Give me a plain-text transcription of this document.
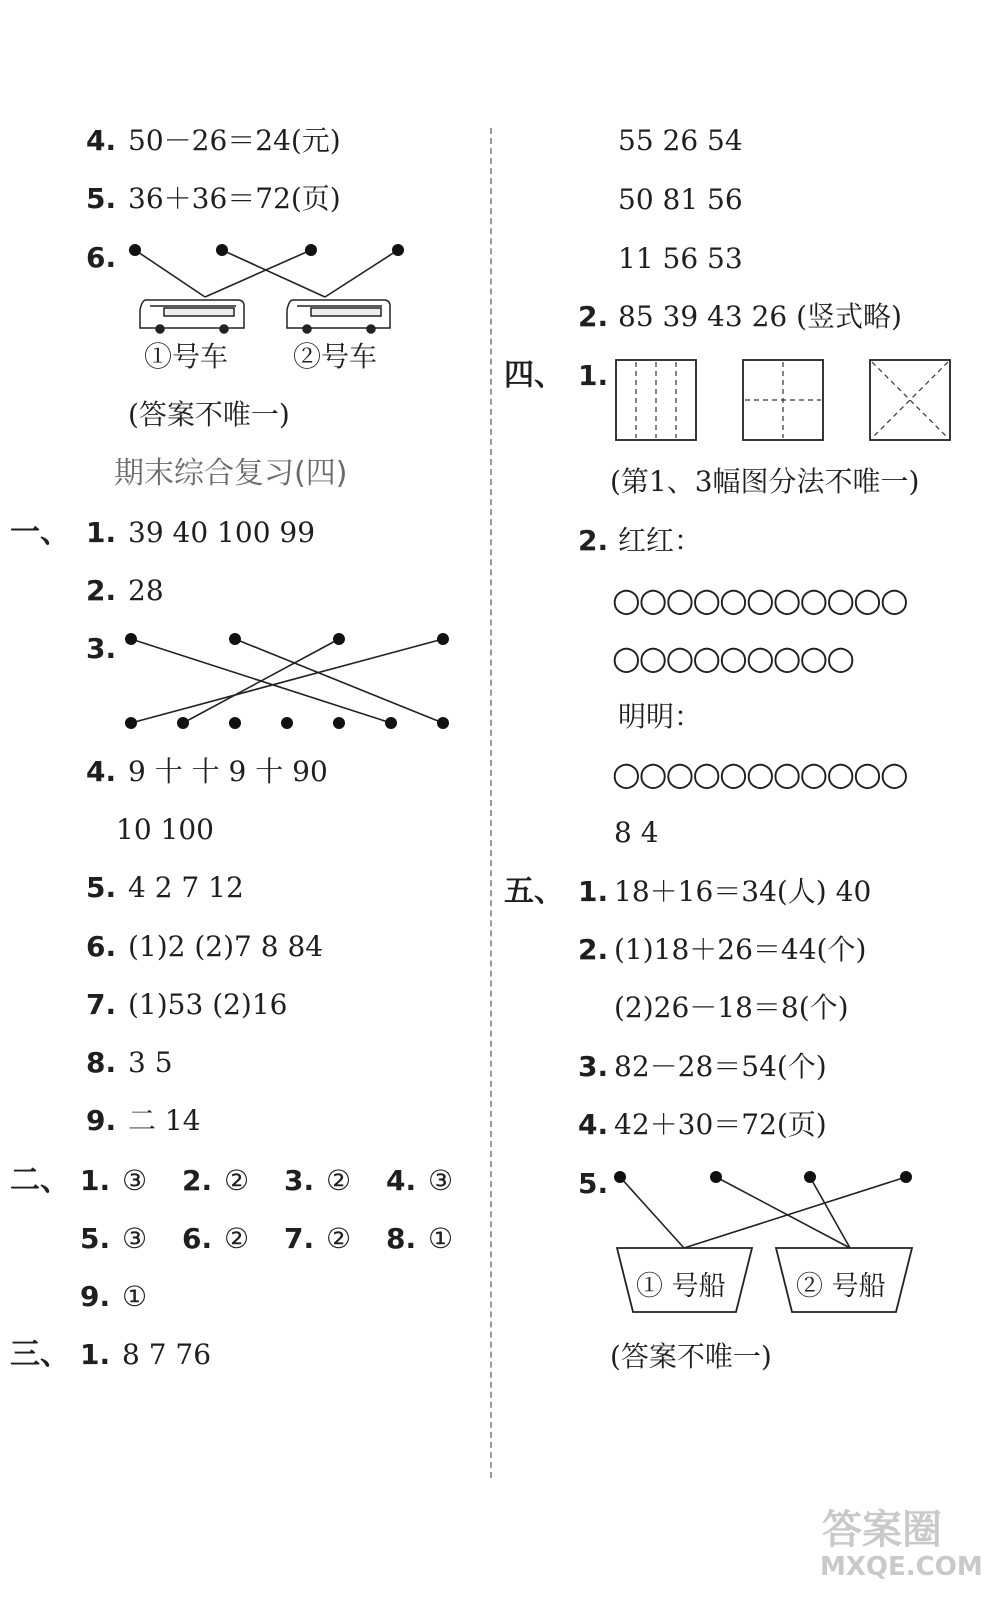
4. 50－26＝24(元)
5. 36＋36＝72(页)
6.
①号车 ②号车
(答案不唯一)
期末综合复习(四)
一、 1. 39 40 100 99
2. 28
3.
4. 9 十 十 9 十 90
10 100
5. 4 2 7 12
6. (1)2 (2)7 8 84
7. (1)53 (2)16
8. 3 5
9. 二 14
二、 1. ③ 2. ② 3. ② 4. ③
5. ③ 6. ② 7. ② 8. ①
9. ①
三、 1. 8 7 76
55 26 54
50 81 56
11 56 53
2. 85 39 43 26 (竖式略)
四、 1.
(第1、3幅图分法不唯一)
2. 红红：
○○○○○○○○○○○
○○○○○○○○○
明明：
○○○○○○○○○○○
8 4
五、 1. 18＋16＝34(人) 40
2. (1)18＋26＝44(个)
(2)26－18＝8(个)
3. 82－28＝54(个)
4. 42＋30＝72(页)
5.
① 号船	② 号船
(答案不唯一)
答案圈
MXQE.COM
